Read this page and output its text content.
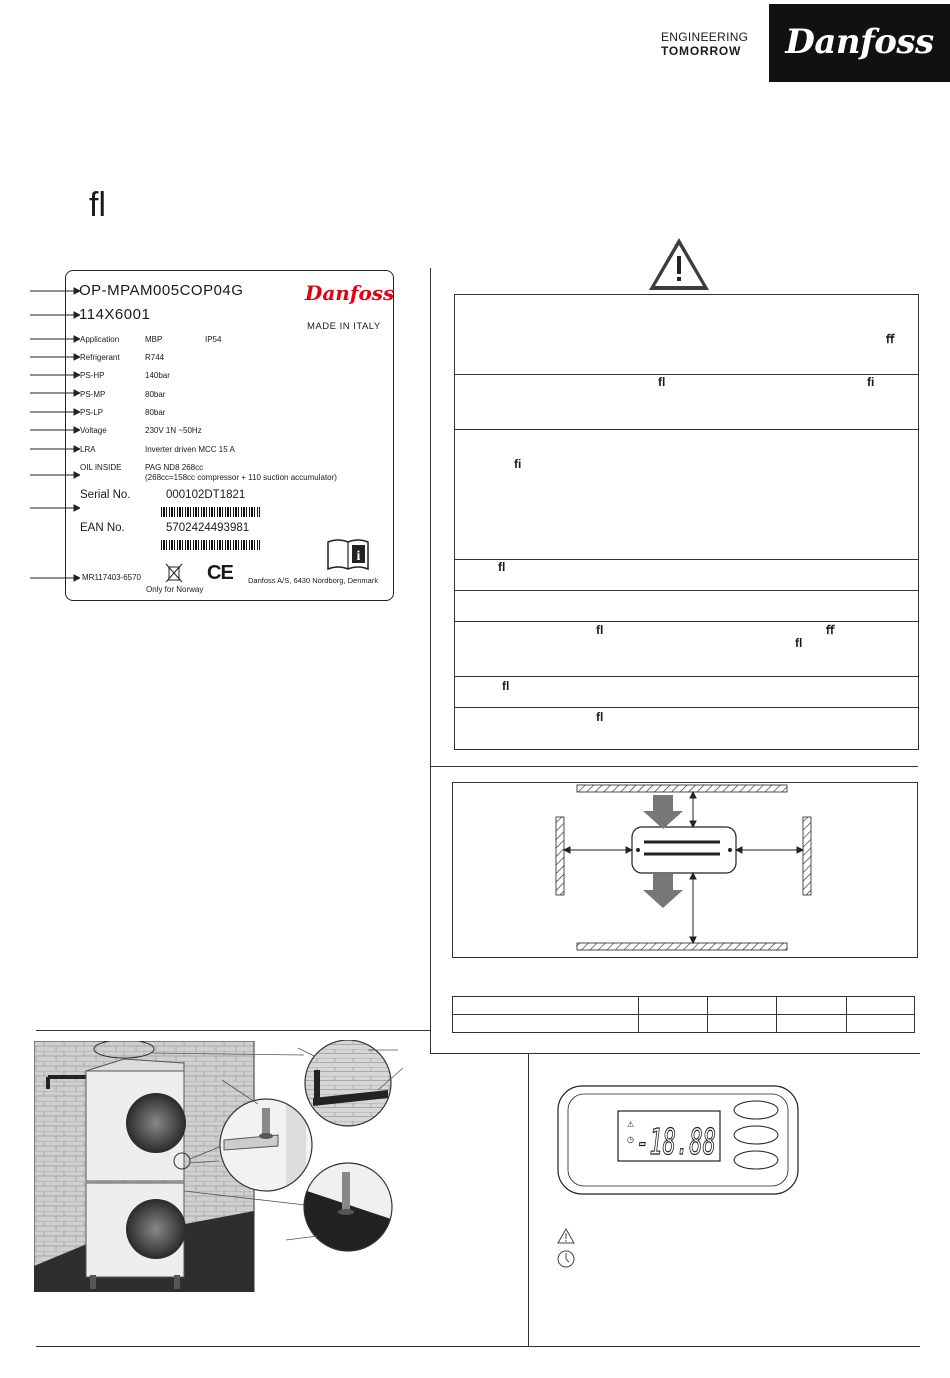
ENGINEERING
TOMORROW	Danfoss
ﬂ
OP-MPAM005COP04G
114X6001
Danfoss
MADE IN ITALY
Application	MBP	IP54
Refrigerant	R744
PS-HP	140bar
PS-MP	80bar
PS-LP	80bar
Voltage	230V 1N ~50Hz
LRA	Inverter driven MCC 15 A
OIL INSIDE	PAG ND8 268cc
(268cc=158cc compressor + 110 suction accumulator)
Serial No.	000102DT1821
EAN No.	5702424493981
i
MR117403-6570
Only for Norway
CE Danfoss A/S, 6430 Nordborg, Denmark
ﬀ
ﬂ	ﬁ
ﬁ
ﬂ
ﬂ	ﬀ
ﬂ
ﬂ
ﬂ

⚠
◷ -18.88
